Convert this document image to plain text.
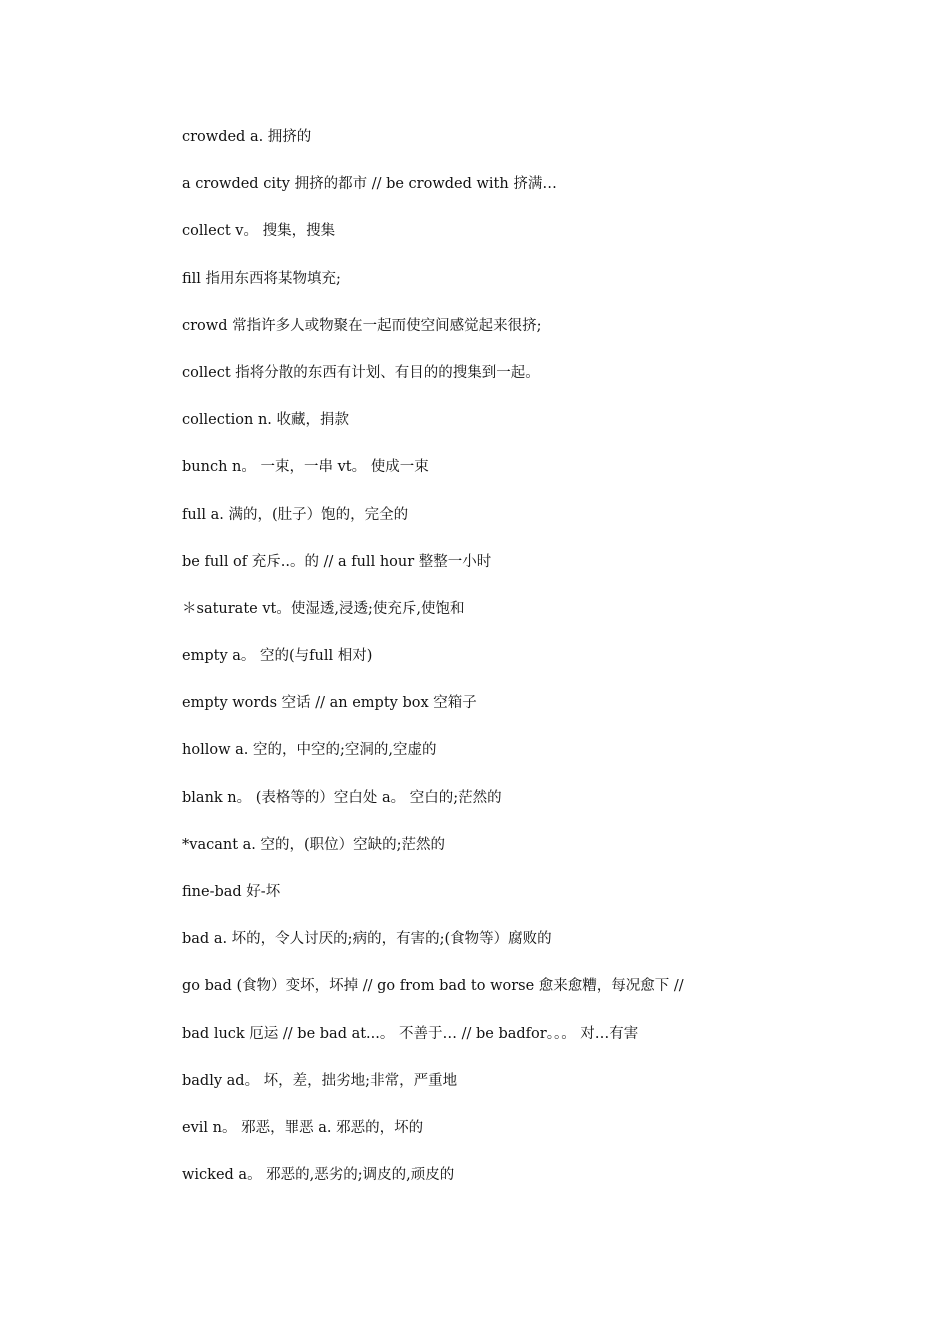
crowded a. 拥挤的
a crowded city 拥挤的都市 // be crowded with 挤满…
collect v。 搜集，搜集
fill 指用东西将某物填充;
crowd 常指许多人或物聚在一起而使空间感觉起来很挤;
collect 指将分散的东西有计划、有目的的搜集到一起。
collection n. 收藏，捐款
bunch n。 一束，一串 vt。 使成一束
full a. 满的，(肚子）饱的，完全的
be full of 充斥..。的 // a full hour 整整一小时
＊saturate vt。使湿透,浸透;使充斥,使饱和
empty a。 空的(与full 相对)
empty words 空话 // an empty box 空箱子
hollow a. 空的，中空的;空洞的,空虚的
blank n。 (表格等的）空白处 a。 空白的;茫然的
*vacant a. 空的，(职位）空缺的;茫然的
fine-bad 好-坏
bad a. 坏的，令人讨厌的;病的，有害的;(食物等）腐败的
go bad (食物）变坏，坏掉 // go from bad to worse 愈来愈糟，每况愈下 //
bad luck 厄运 // be bad at...。 不善于… // be badfor。。。 对…有害
badly ad。 坏，差，拙劣地;非常，严重地
evil n。 邪恶，罪恶 a. 邪恶的，坏的
wicked a。 邪恶的,恶劣的;调皮的,顽皮的
